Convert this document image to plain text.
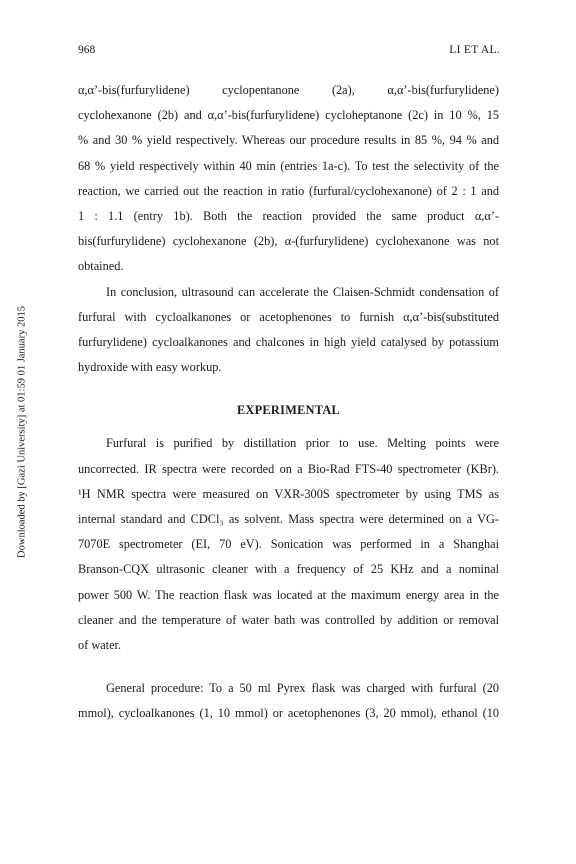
968	LI ET AL.
Downloaded by [Gazi University] at 01:59 01 January 2015
α,α’-bis(furfurylidene) cyclopentanone (2a), α,α’-bis(furfurylidene)
cyclohexanone (2b) and α,α’-bis(furfurylidene) cycloheptanone (2c) in 10 %, 15
% and 30 % yield respectively. Whereas our procedure results in 85 %, 94 % and
68 % yield respectively within 40 min (entries 1a-c). To test the selectivity of the
reaction, we carried out the reaction in ratio (furfural/cyclohexanone) of 2 : 1 and
1 : 1.1 (entry 1b). Both the reaction provided the same product α,α’-
bis(furfurylidene) cyclohexanone (2b), α-(furfurylidene) cyclohexanone was not
obtained.
In conclusion, ultrasound can accelerate the Claisen-Schmidt condensation of
furfural with cycloalkanones or acetophenones to furnish α,α’-bis(substituted
furfurylidene) cycloalkanones and chalcones in high yield catalysed by potassium
hydroxide with easy workup.
EXPERIMENTAL
Furfural is purified by distillation prior to use. Melting points were
uncorrected. IR spectra were recorded on a Bio-Rad FTS-40 spectrometer (KBr).
¹H NMR spectra were measured on VXR-300S spectrometer by using TMS as
internal standard and CDCl₃ as solvent. Mass spectra were determined on a VG-
7070E spectrometer (EI, 70 eV). Sonication was performed in a Shanghai
Branson-CQX ultrasonic cleaner with a frequency of 25 KHz and a nominal
power 500 W. The reaction flask was located at the maximum energy area in the
cleaner and the temperature of water bath was controlled by addition or removal
of water.
General procedure: To a 50 ml Pyrex flask was charged with furfural (20
mmol), cycloalkanones (1, 10 mmol) or acetophenones (3, 20 mmol), ethanol (10
